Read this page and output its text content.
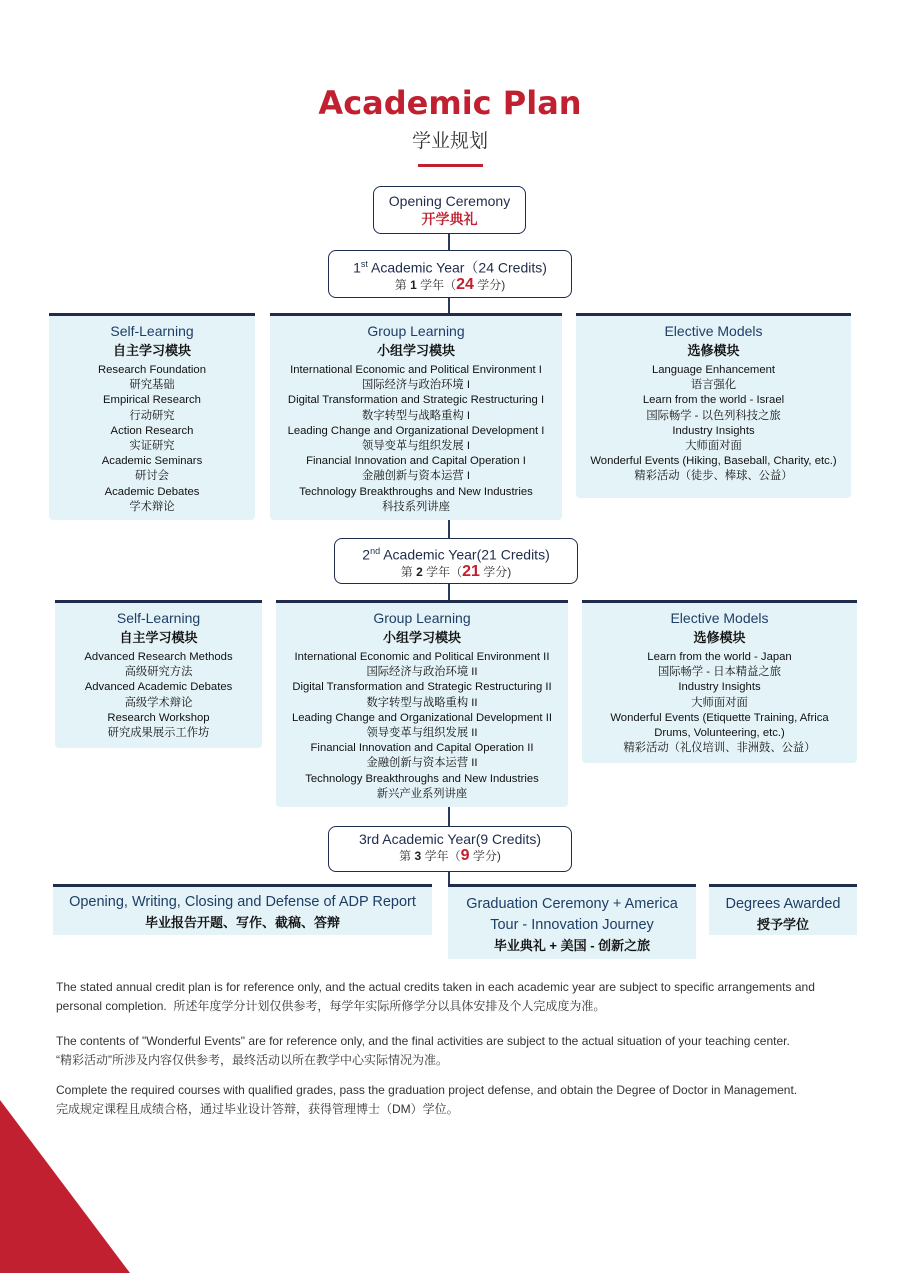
Academic Plan
学业规划
Opening Ceremony
开学典礼
1st Academic Year（24 Credits)
第 1 学年（24 学分)
Self-Learning
自主学习模块
Research Foundation
研究基础
Empirical Research
行动研究
Action Research
实证研究
Academic Seminars
研讨会
Academic Debates
学术辩论
Group Learning
小组学习模块
International Economic and Political Environment I
国际经济与政治环境 I
Digital Transformation and Strategic Restructuring I
数字转型与战略重构 I
Leading Change and Organizational Development I
领导变革与组织发展 I
Financial Innovation and Capital Operation I
金融创新与资本运营 I
Technology Breakthroughs and New Industries
科技系列讲座
Elective Models
选修模块
Language Enhancement
语言强化
Learn from the world - Israel
国际畅学 - 以色列科技之旅
Industry Insights
大师面对面
Wonderful Events (Hiking, Baseball, Charity, etc.)
精彩活动（徒步、棒球、公益）
2nd Academic Year(21 Credits)
第 2 学年（21 学分)
Self-Learning
自主学习模块
Advanced Research Methods
高级研究方法
Advanced Academic Debates
高级学术辩论
Research Workshop
研究成果展示工作坊
Group Learning
小组学习模块
International Economic and Political Environment II
国际经济与政治环境 II
Digital Transformation and Strategic Restructuring II
数字转型与战略重构 II
Leading Change and Organizational Development II
领导变革与组织发展 II
Financial Innovation and Capital Operation II
金融创新与资本运营 II
Technology Breakthroughs and New Industries
新兴产业系列讲座
Elective Models
选修模块
Learn from the world - Japan
国际畅学 - 日本精益之旅
Industry Insights
大师面对面
Wonderful Events (Etiquette Training, Africa
Drums, Volunteering, etc.)
精彩活动（礼仪培训、非洲鼓、公益）
3rd Academic Year(9 Credits)
第 3 学年（9 学分)
Opening, Writing, Closing and Defense of ADP Report
毕业报告开题、写作、截稿、答辩
Graduation Ceremony + America
Tour - Innovation Journey
毕业典礼 + 美国 - 创新之旅
Degrees Awarded
授予学位
The stated annual credit plan is for reference only, and the actual credits taken in each academic year are subject to specific arrangements and personal completion. 所述年度学分计划仅供参考，每学年实际所修学分以具体安排及个人完成度为准。
The contents of "Wonderful Events" are for reference only, and the final activities are subject to the actual situation of your teaching center.
“精彩活动”所涉及内容仅供参考，最终活动以所在教学中心实际情况为准。
Complete the required courses with qualified grades, pass the graduation project defense, and obtain the Degree of Doctor in Management.
完成规定课程且成绩合格，通过毕业设计答辩，获得管理博士（DM）学位。
